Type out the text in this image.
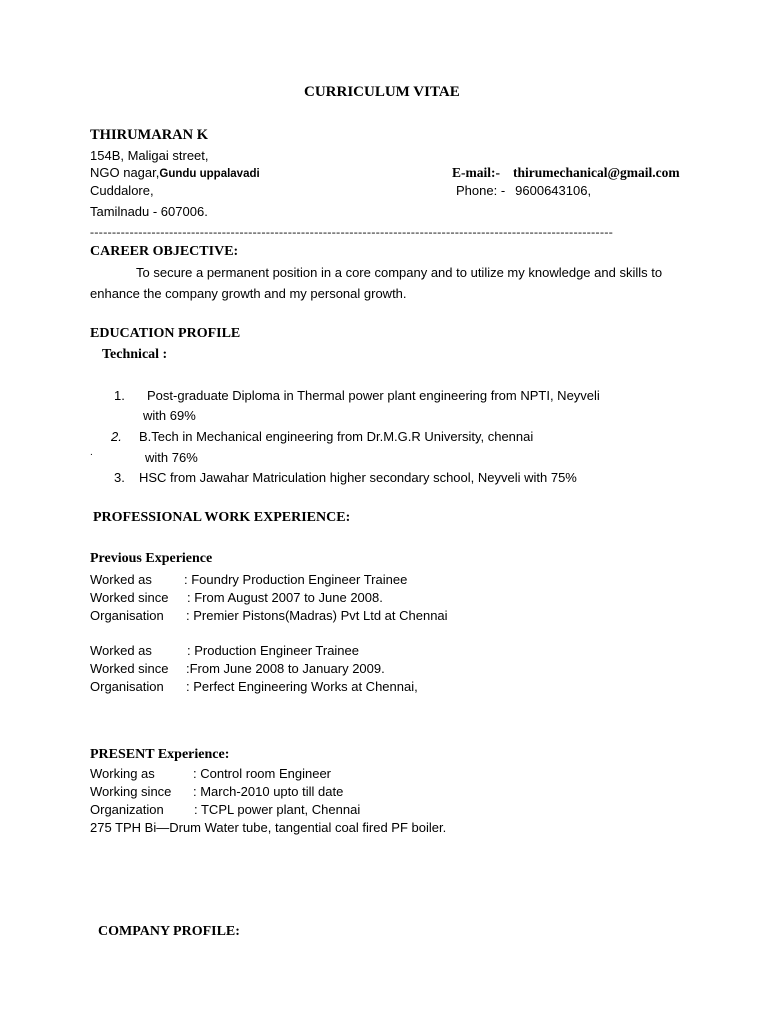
CURRICULUM VITAE
THIRUMARAN K
154B, Maligai street,
NGO nagar,Gundu uppalavadi
Cuddalore,
Tamilnadu - 607006.
E-mail:- thirumechanical@gmail.com
Phone: - 9600643106,
-----------------------------------------------------------------------------------------------------------------------
CAREER OBJECTIVE:
To secure a permanent position in a core company and to utilize my knowledge and skills to
enhance the company growth and my personal growth.
EDUCATION PROFILE
Technical :
1. Post-graduate Diploma in Thermal power plant engineering from NPTI, Neyveli
with 69%
2. B.Tech in Mechanical engineering from Dr.M.G.R University, chennai
.	with 76%
3. HSC from Jawahar Matriculation higher secondary school, Neyveli with 75%
PROFESSIONAL WORK EXPERIENCE:
Previous Experience
Worked as : Foundry Production Engineer Trainee
Worked since : From August 2007 to June 2008.
Organisation : Premier Pistons(Madras) Pvt Ltd at Chennai
Worked as	: Production Engineer Trainee
Worked since :From June 2008 to January 2009.
Organisation : Perfect Engineering Works at Chennai,
PRESENT Experience:
Working as	: Control room Engineer
Working since : March-2010 upto till date
Organization : TCPL power plant, Chennai
275 TPH Bi—Drum Water tube, tangential coal fired PF boiler.
COMPANY PROFILE:
